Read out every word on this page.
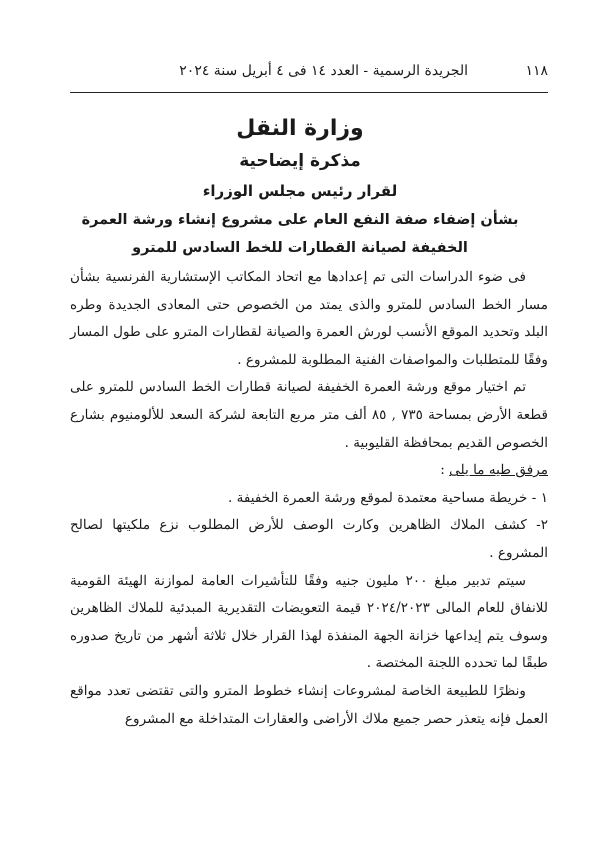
١١٨
الجريدة الرسمية - العدد ١٤ فى ٤ أبريل سنة ٢٠٢٤
وزارة النقل
مذكرة إيضاحية
لقرار رئيس مجلس الوزراء
بشأن إضفاء صفة النفع العام على مشروع إنشاء ورشة العمرة
الخفيفة لصيانة القطارات للخط السادس للمترو

فى ضوء الدراسات التى تم إعدادها مع اتحاد المكاتب الإستشارية الفرنسية بشأن مسار الخط السادس للمترو والذى يمتد من الخصوص حتى المعادى الجديدة وطره البلد وتحديد الموقع الأنسب لورش العمرة والصيانة لقطارات المترو على طول المسار وفقًا للمتطلبات والمواصفات الفنية المطلوبة للمشروع .

تم اختيار موقع ورشة العمرة الخفيفة لصيانة قطارات الخط السادس للمترو على قطعة الأرض بمساحة ٧٣٥ , ٨٥ ألف متر مربع التابعة لشركة السعد للألومنيوم بشارع الخصوص القديم بمحافظة القليوبية .

مرفق طيه ما يلى :

١ - خريطة مساحية معتمدة لموقع ورشة العمرة الخفيفة .

٢- كشف الملاك الظاهرين وكارت الوصف للأرض المطلوب نزع ملكيتها لصالح المشروع .

سيتم تدبير مبلغ ٢٠٠ مليون جنيه وفقًا للتأشيرات العامة لموازنة الهيئة القومية للانفاق للعام المالى ٢٠٢٤/٢٠٢٣ قيمة التعويضات التقديرية المبدئية للملاك الظاهرين وسوف يتم إيداعها خزانة الجهة المنفذة لهذا القرار خلال ثلاثة أشهر من تاريخ صدوره طبقًا لما تحدده اللجنة المختصة .

ونظرًا للطبيعة الخاصة لمشروعات إنشاء خطوط المترو والتى تقتضى تعدد مواقع العمل فإنه يتعذر حصر جميع ملاك الأراضى والعقارات المتداخلة مع المشروع
